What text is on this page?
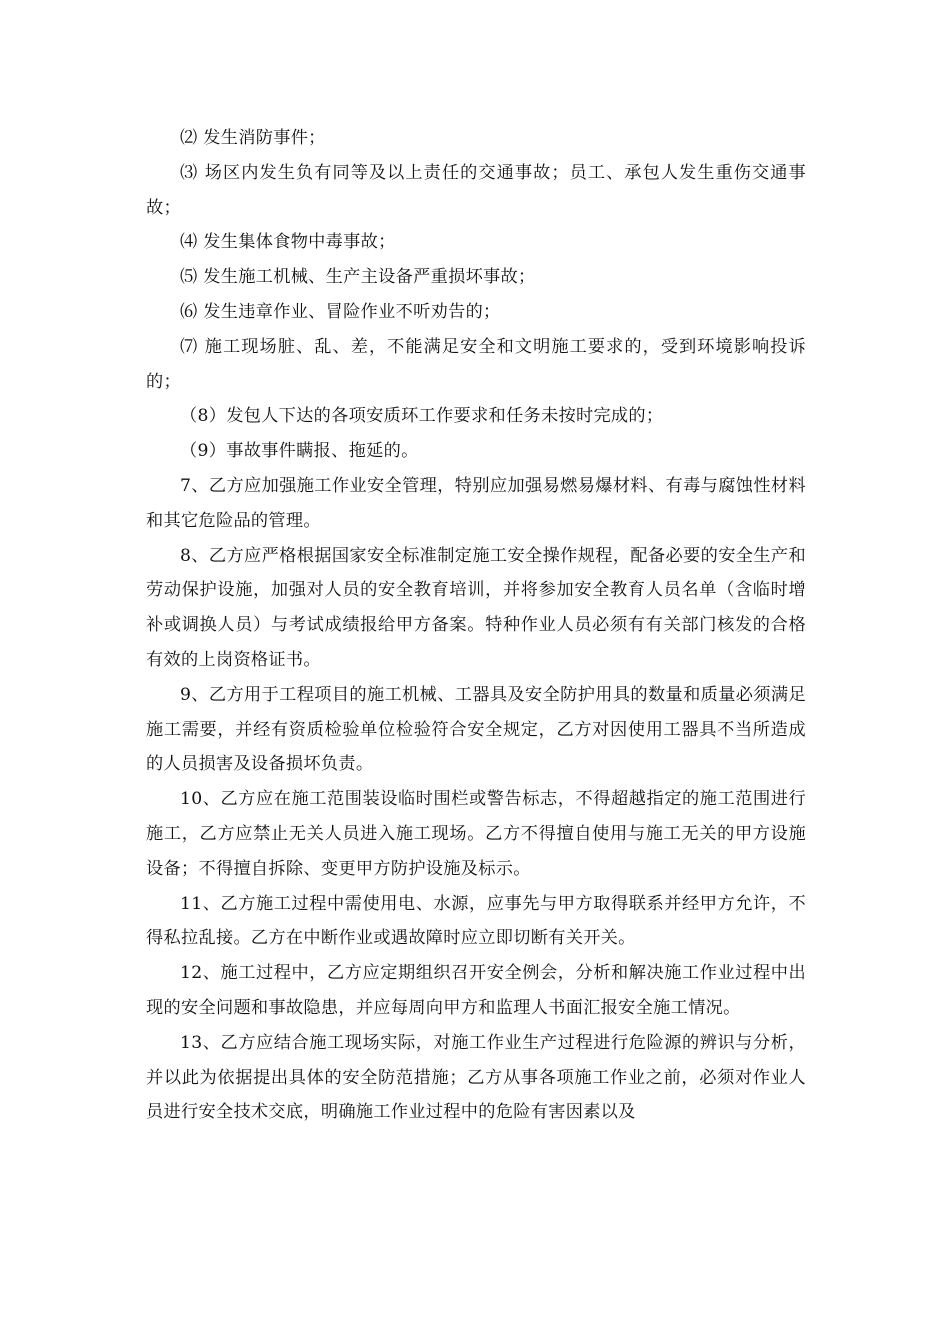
⑵ 发生消防事件；

⑶ 场区内发生负有同等及以上责任的交通事故；员工、承包人发生重伤交通事故；

⑷ 发生集体食物中毒事故；

⑸ 发生施工机械、生产主设备严重损坏事故；

⑹ 发生违章作业、冒险作业不听劝告的；

⑺ 施工现场脏、乱、差，不能满足安全和文明施工要求的，受到环境影响投诉的；

（8）发包人下达的各项安质环工作要求和任务未按时完成的；

（9）事故事件瞒报、拖延的。

7、乙方应加强施工作业安全管理，特别应加强易燃易爆材料、有毒与腐蚀性材料和其它危险品的管理。

8、乙方应严格根据国家安全标准制定施工安全操作规程，配备必要的安全生产和劳动保护设施，加强对人员的安全教育培训，并将参加安全教育人员名单（含临时增补或调换人员）与考试成绩报给甲方备案。特种作业人员必须有有关部门核发的合格有效的上岗资格证书。

9、乙方用于工程项目的施工机械、工器具及安全防护用具的数量和质量必须满足施工需要，并经有资质检验单位检验符合安全规定，乙方对因使用工器具不当所造成的人员损害及设备损坏负责。

10、乙方应在施工范围装设临时围栏或警告标志，不得超越指定的施工范围进行施工，乙方应禁止无关人员进入施工现场。乙方不得擅自使用与施工无关的甲方设施设备；不得擅自拆除、变更甲方防护设施及标示。

11、乙方施工过程中需使用电、水源，应事先与甲方取得联系并经甲方允许，不得私拉乱接。乙方在中断作业或遇故障时应立即切断有关开关。

12、施工过程中，乙方应定期组织召开安全例会，分析和解决施工作业过程中出现的安全问题和事故隐患，并应每周向甲方和监理人书面汇报安全施工情况。

13、乙方应结合施工现场实际，对施工作业生产过程进行危险源的辨识与分析，并以此为依据提出具体的安全防范措施；乙方从事各项施工作业之前，必须对作业人员进行安全技术交底，明确施工作业过程中的危险有害因素以及
